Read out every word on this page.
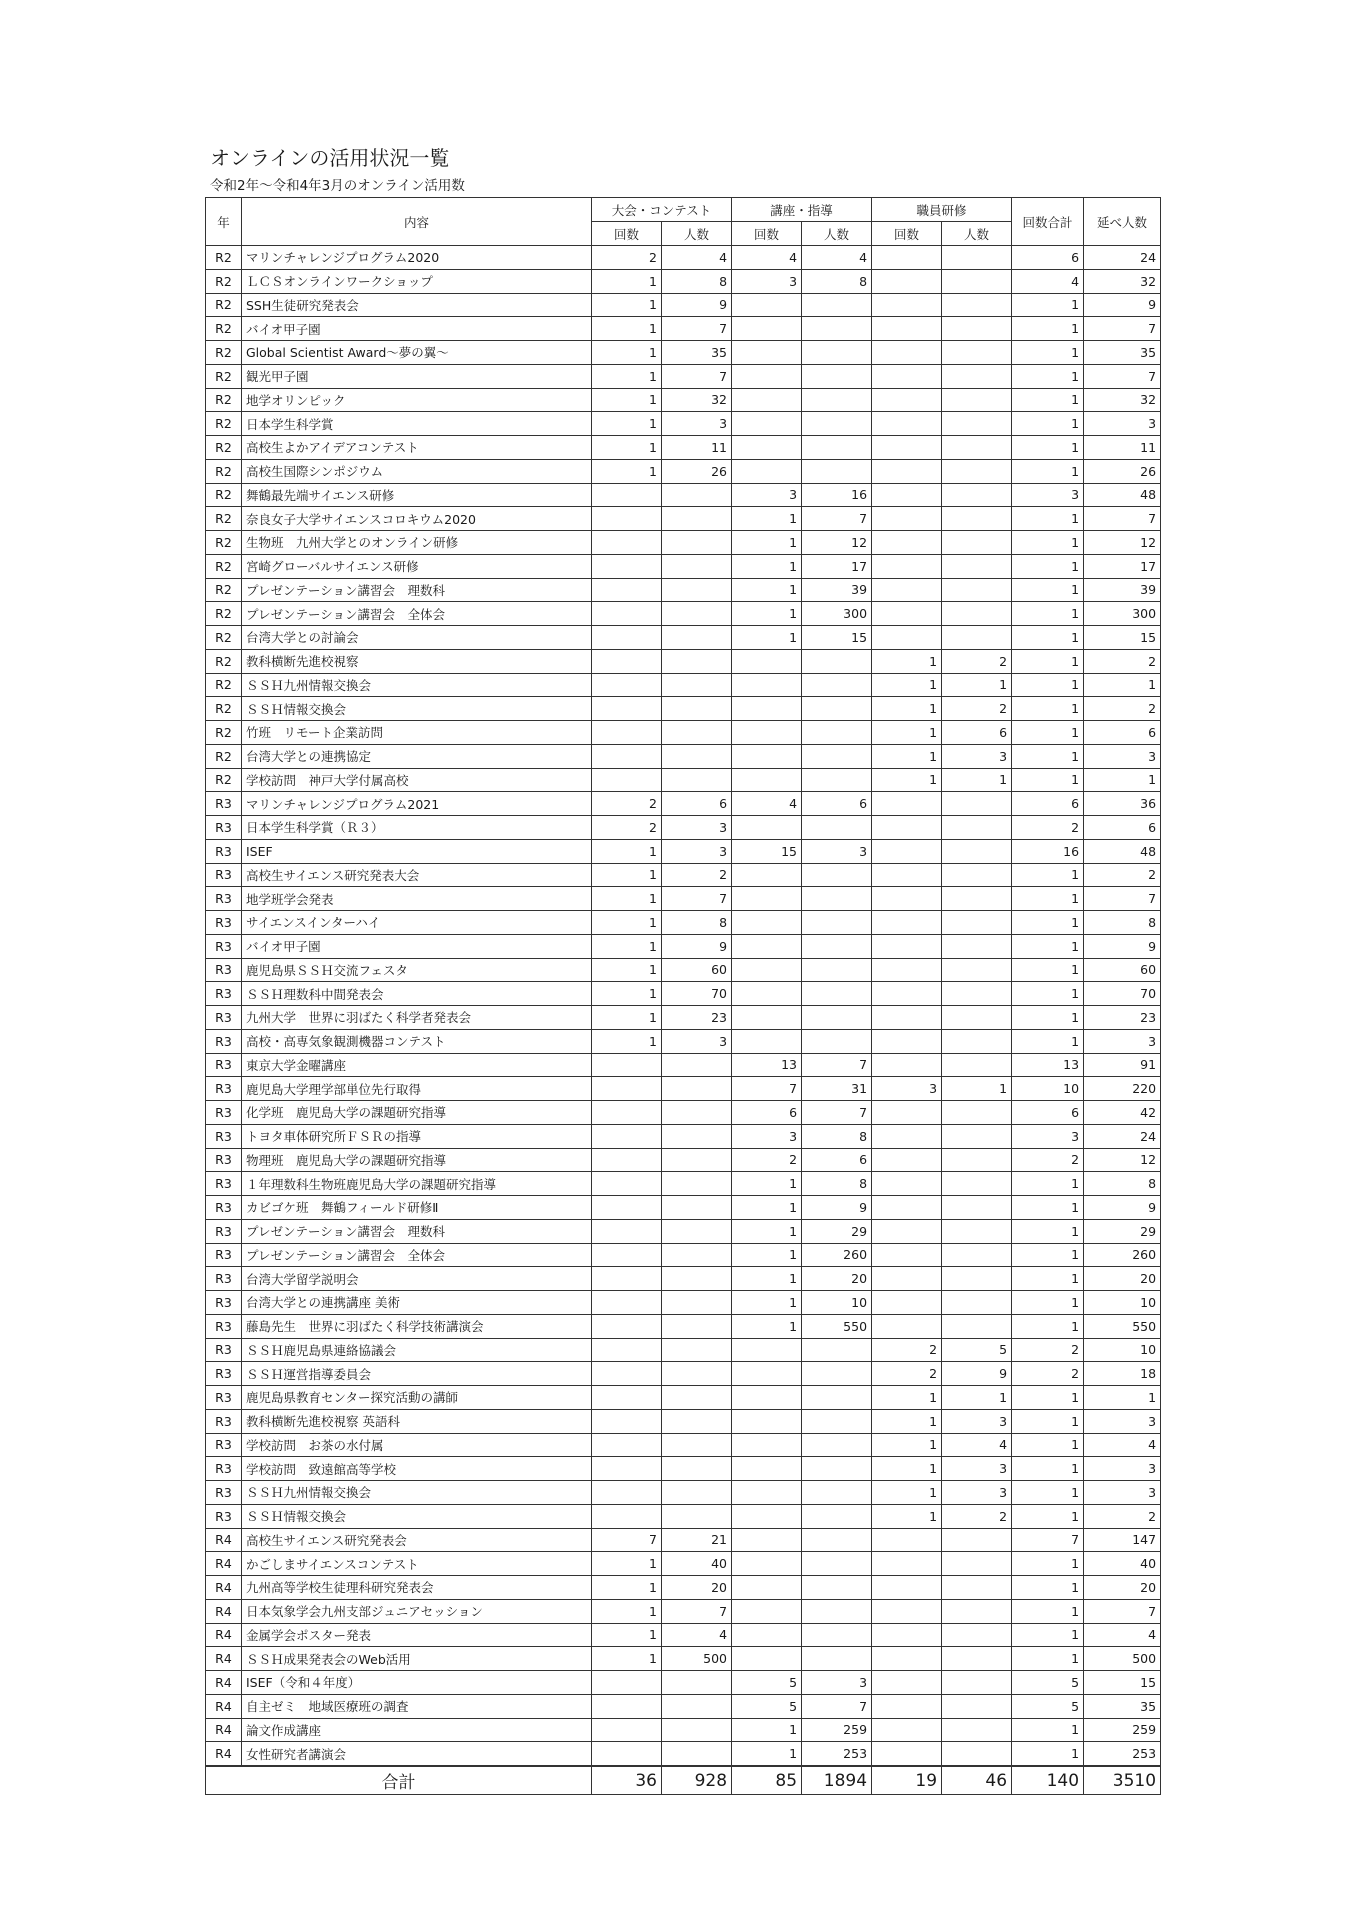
オンラインの活用状況一覧
令和2年〜令和4年3月のオンライン活用数
年	内容	大会・コンテスト		講座・指導		職員研修		回数合計	延べ人数
		回数	人数	回数	人数	回数	人数		
R2	マリンチャレンジプログラム2020	2	4	4	4			6	24
R2	ＬＣＳオンラインワークショップ	1	8	3	8			4	32
R2	SSH生徒研究発表会	1	9					1	9
R2	バイオ甲子園	1	7					1	7
R2	Global Scientist Award〜夢の翼〜	1	35					1	35
R2	観光甲子園	1	7					1	7
R2	地学オリンピック	1	32					1	32
R2	日本学生科学賞	1	3					1	3
R2	高校生よかアイデアコンテスト	1	11					1	11
R2	高校生国際シンポジウム	1	26					1	26
R2	舞鶴最先端サイエンス研修			3	16			3	48
R2	奈良女子大学サイエンスコロキウム2020			1	7			1	7
R2	生物班　九州大学とのオンライン研修			1	12			1	12
R2	宮崎グローバルサイエンス研修			1	17			1	17
R2	プレゼンテーション講習会　理数科			1	39			1	39
R2	プレゼンテーション講習会　全体会			1	300			1	300
R2	台湾大学との討論会			1	15			1	15
R2	教科横断先進校視察					1	2	1	2
R2	ＳＳＨ九州情報交換会					1	1	1	1
R2	ＳＳＨ情報交換会					1	2	1	2
R2	竹班　リモート企業訪問					1	6	1	6
R2	台湾大学との連携協定					1	3	1	3
R2	学校訪問　神戸大学付属高校					1	1	1	1
R3	マリンチャレンジプログラム2021	2	6	4	6			6	36
R3	日本学生科学賞（Ｒ３）	2	3					2	6
R3	ISEF	1	3	15	3			16	48
R3	高校生サイエンス研究発表大会	1	2					1	2
R3	地学班学会発表	1	7					1	7
R3	サイエンスインターハイ	1	8					1	8
R3	バイオ甲子園	1	9					1	9
R3	鹿児島県ＳＳＨ交流フェスタ	1	60					1	60
R3	ＳＳＨ理数科中間発表会	1	70					1	70
R3	九州大学　世界に羽ばたく科学者発表会	1	23					1	23
R3	高校・高専気象観測機器コンテスト	1	3					1	3
R3	東京大学金曜講座			13	7			13	91
R3	鹿児島大学理学部単位先行取得			7	31	3	1	10	220
R3	化学班　鹿児島大学の課題研究指導			6	7			6	42
R3	トヨタ車体研究所ＦＳＲの指導			3	8			3	24
R3	物理班　鹿児島大学の課題研究指導			2	6			2	12
R3	１年理数科生物班鹿児島大学の課題研究指導			1	8			1	8
R3	カビゴケ班　舞鶴フィールド研修Ⅱ			1	9			1	9
R3	プレゼンテーション講習会　理数科			1	29			1	29
R3	プレゼンテーション講習会　全体会			1	260			1	260
R3	台湾大学留学説明会			1	20			1	20
R3	台湾大学との連携講座 美術			1	10			1	10
R3	藤島先生　世界に羽ばたく科学技術講演会			1	550			1	550
R3	ＳＳＨ鹿児島県連絡協議会					2	5	2	10
R3	ＳＳＨ運営指導委員会					2	9	2	18
R3	鹿児島県教育センター探究活動の講師					1	1	1	1
R3	教科横断先進校視察 英語科					1	3	1	3
R3	学校訪問　お茶の水付属					1	4	1	4
R3	学校訪問　致遠館高等学校					1	3	1	3
R3	ＳＳＨ九州情報交換会					1	3	1	3
R3	ＳＳＨ情報交換会					1	2	1	2
R4	高校生サイエンス研究発表会	7	21					7	147
R4	かごしまサイエンスコンテスト	1	40					1	40
R4	九州高等学校生徒理科研究発表会	1	20					1	20
R4	日本気象学会九州支部ジュニアセッション	1	7					1	7
R4	金属学会ポスター発表	1	4					1	4
R4	ＳＳＨ成果発表会のWeb活用	1	500					1	500
R4	ISEF（令和４年度）			5	3			5	15
R4	自主ゼミ　地域医療班の調査			5	7			5	35
R4	論文作成講座			1	259			1	259
R4	女性研究者講演会			1	253			1	253
合計		36	928	85	1894	19	46	140	3510
